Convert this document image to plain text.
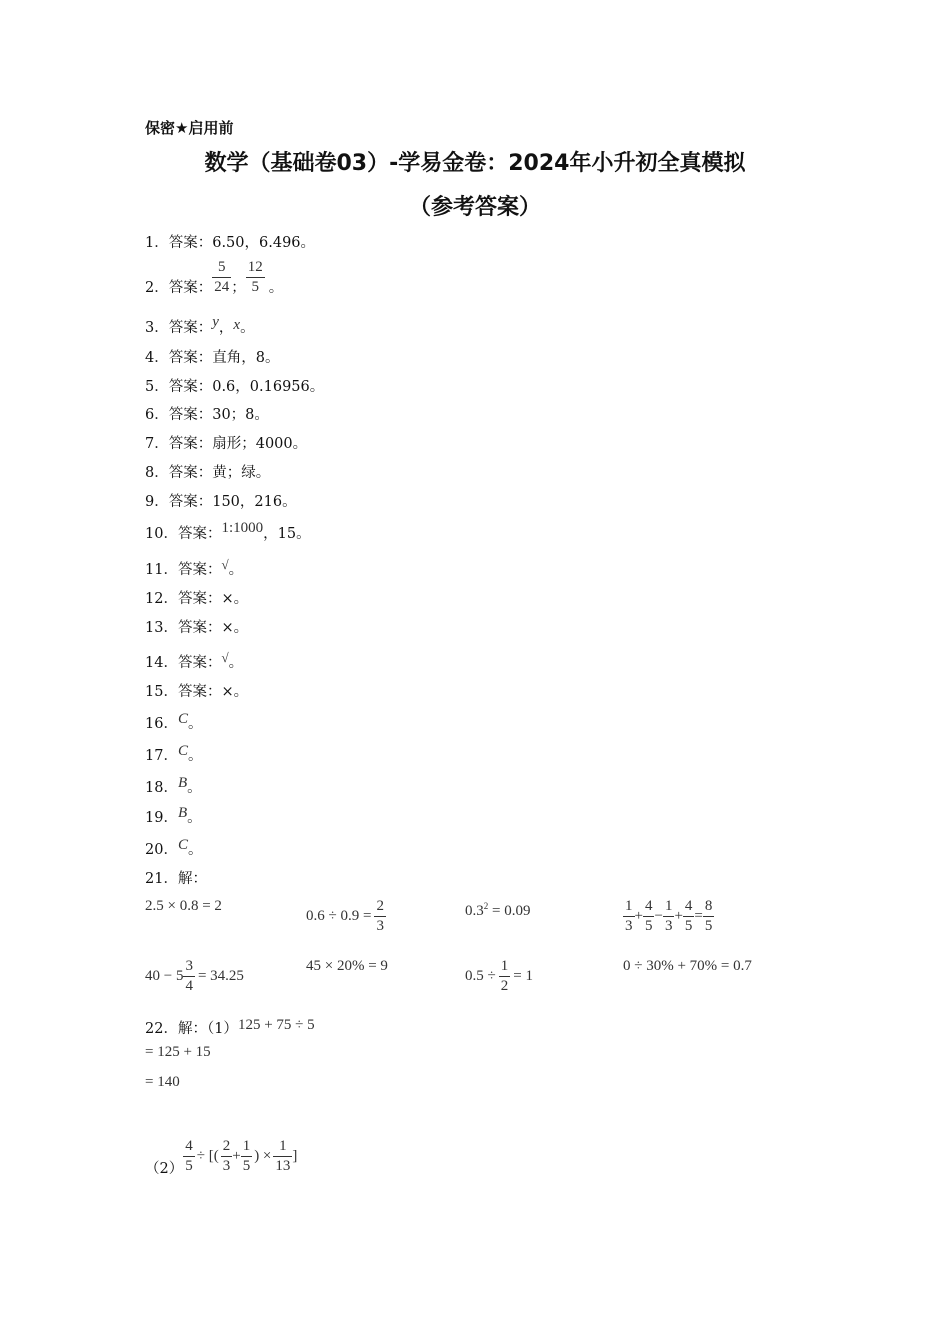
保密★启用前
数学（基础卷03）-学易金卷：2024年小升初全真模拟
（参考答案）
1．答案：6.50，6.496。
2．答案： $\frac{5}{24}$ ； $\frac{12}{5}$ 。
3．答案：y，x。
4．答案：直角，8。
5．答案：0.6，0.16956。
6．答案：30；8。
7．答案：扇形；4000。
8．答案：黄；绿。
9．答案：150，216。
10．答案：1:1000，15。
11．答案：√。
12．答案：×。
13．答案：×。
14．答案：√。
15．答案：×。
16．C。
17．C。
18．B。
19．B。
20．C。
21．解：
2.5 × 0.8 = 2
$0.6 \div 0.9 = \frac{2}{3}$	$0.3^2 = 0.09$	$\frac{1}{3} + \frac{4}{5} - \frac{1}{3} + \frac{4}{5} = \frac{8}{5}$
$40 - 5 \frac{3}{4} = 34.25$
45 × 20% = 9
$0.5 \div \frac{1}{2} = 1$
0 ÷ 30% + 70% = 0.7
22．解：（1）125 + 75 ÷ 5
= 125 + 15
= 140
$(2) \frac{4}{5}$ ÷ [( $\frac{2}{3} + \frac{1}{5}$ ) × $\frac{1}{13}$ ]
